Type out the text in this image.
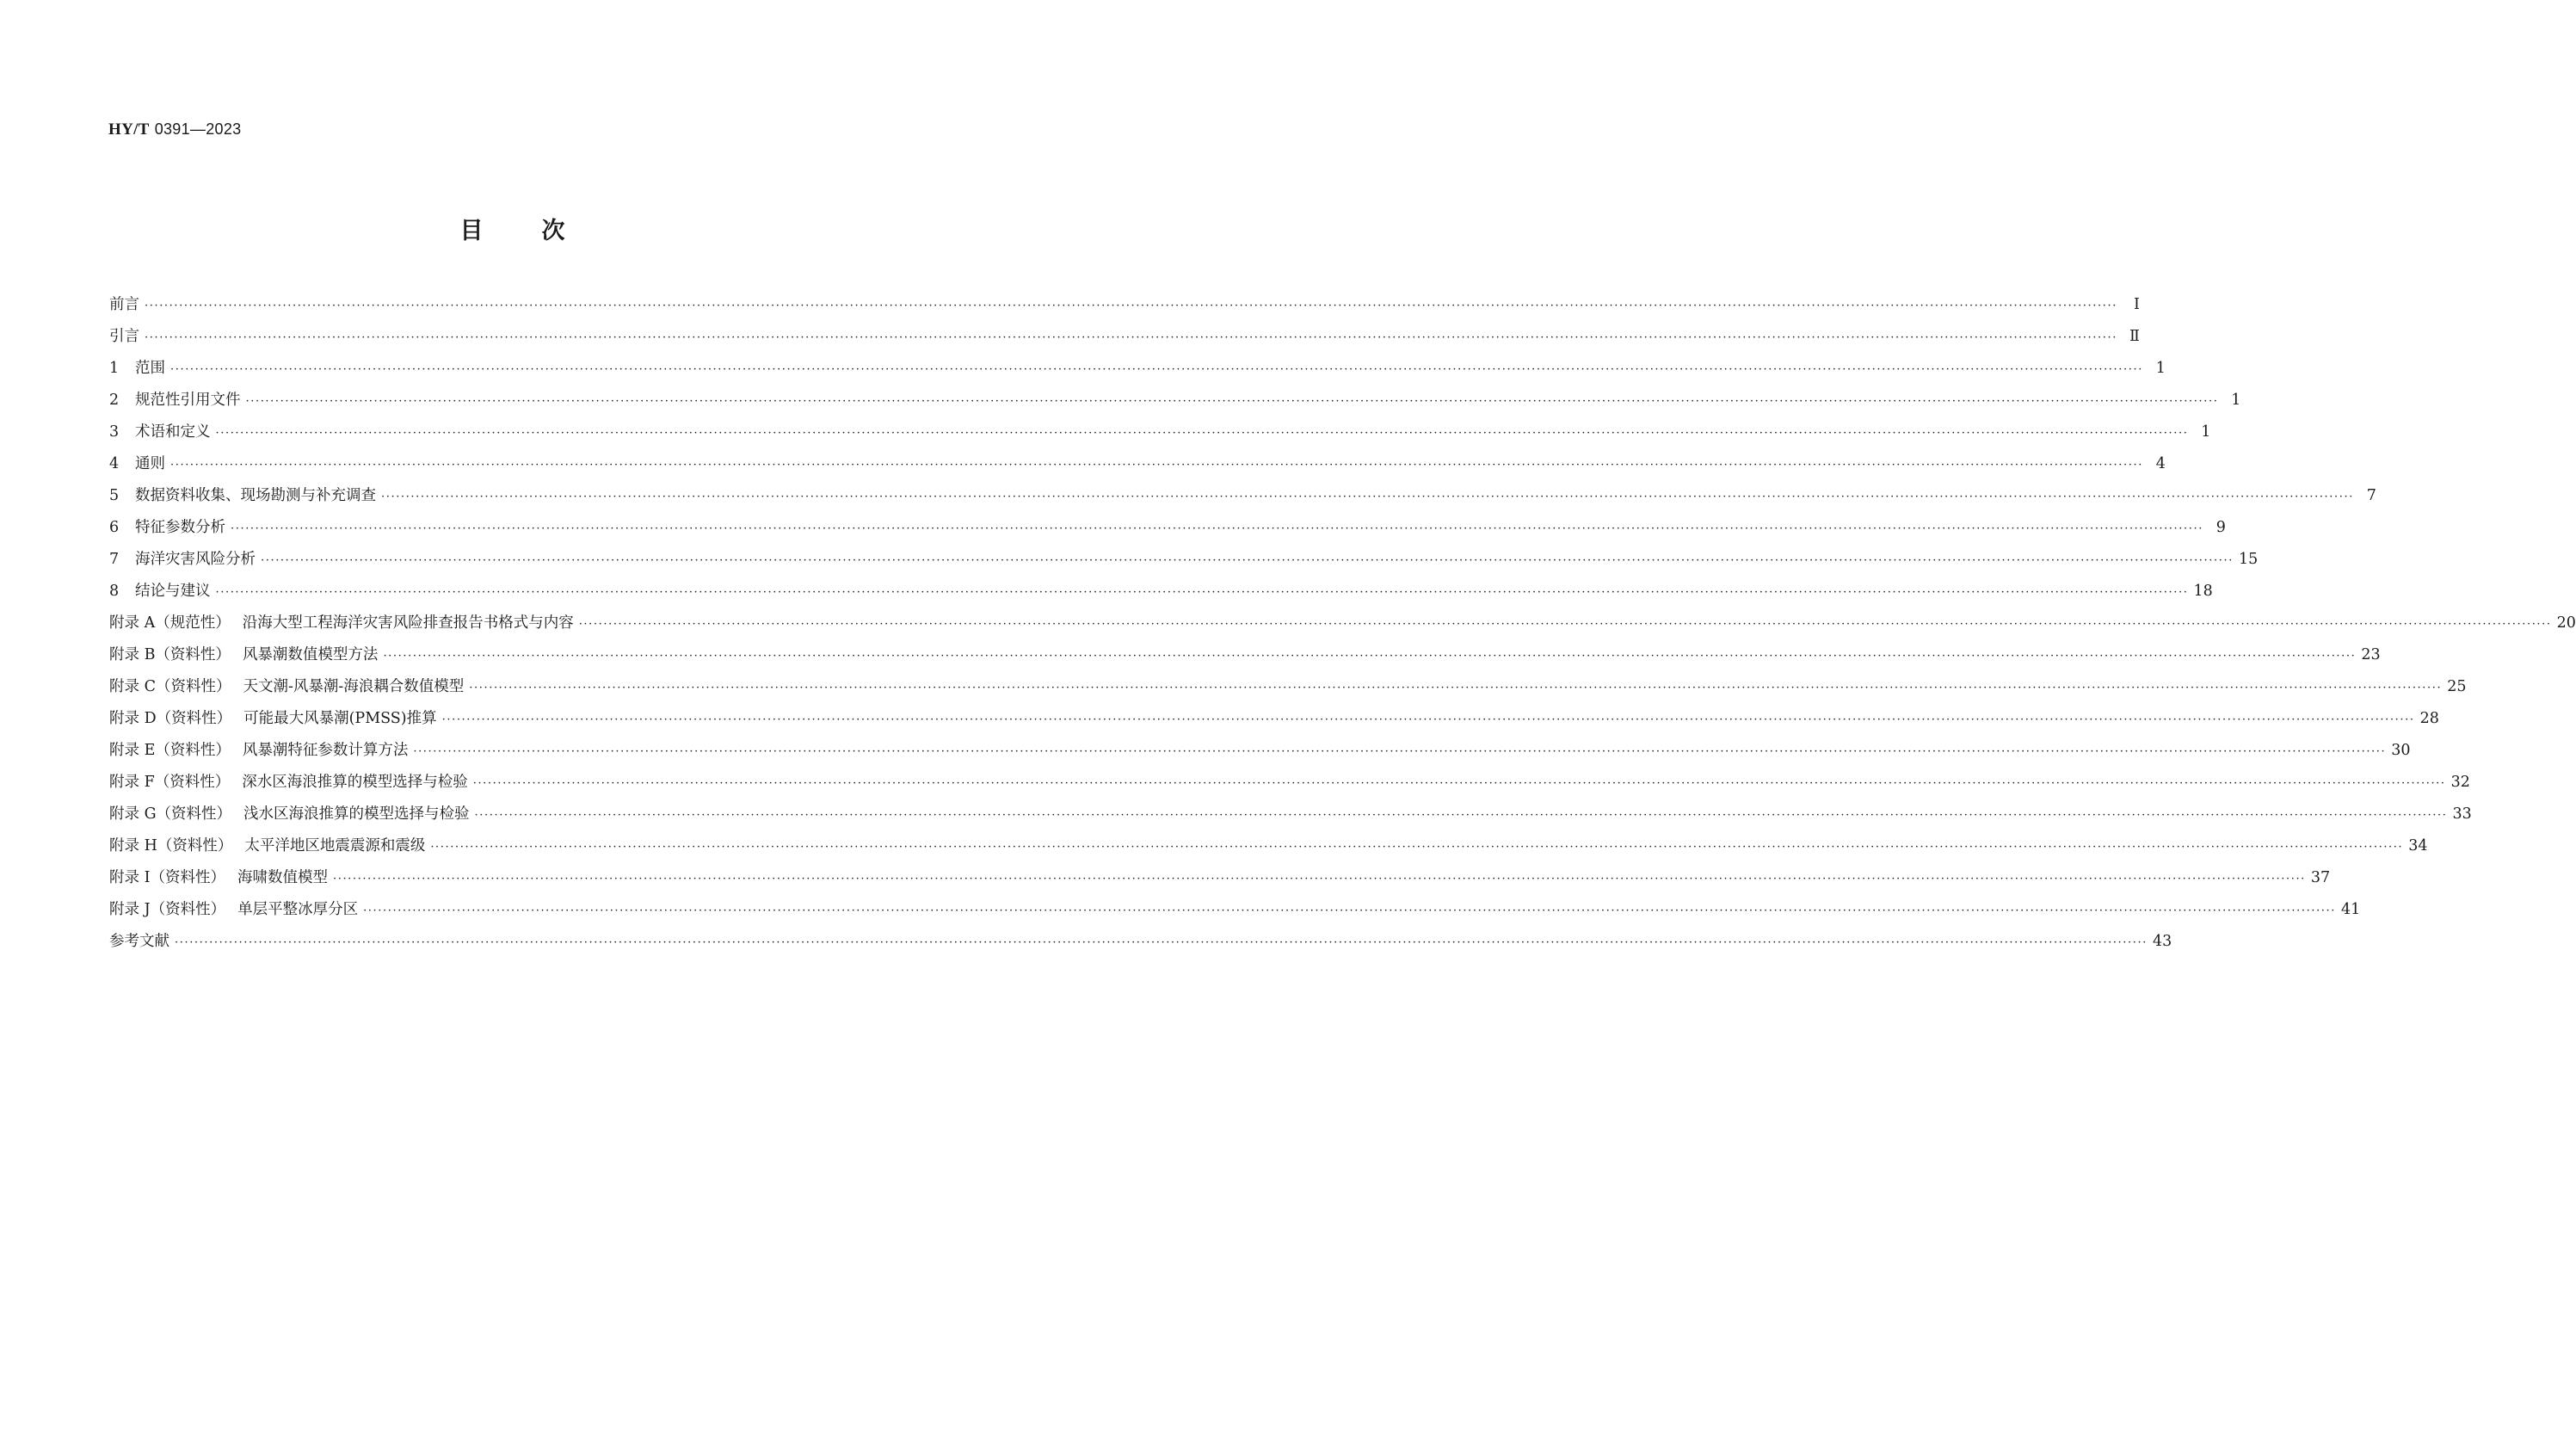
HY/T 0391—2023
目	次
前言 ················································································································································································································································································································································································································	Ⅰ
引言 ················································································································································································································································································································································································································ Ⅱ
1 范围 ················································································································································································································································································································································································································ 1
2 规范性引用文件 ················································································································································································································································································································································································································ 1
3 术语和定义 ················································································································································································································································································································································································································ 1
4 通则 ················································································································································································································································································································································································································ 4
5 数据资料收集、现场勘测与补充调查 ················································································································································································································································································································································································································ 7
6 特征参数分析 ················································································································································································································································································································································································································ 9
7 海洋灾害风险分析 ················································································································································································································································································································································································································ 15
8 结论与建议 ················································································································································································································································································································································································································ 18
附录 A（规范性） 沿海大型工程海洋灾害风险排查报告书格式与内容 ················································································································································································································································································································································································································ 20
附录 B（资料性） 风暴潮数值模型方法 ················································································································································································································································································································································································································ 23
附录 C（资料性） 天文潮-风暴潮-海浪耦合数值模型 ················································································································································································································································································································································································································ 25
附录 D（资料性） 可能最大风暴潮(PMSS)推算 ················································································································································································································································································································································································································ 28
附录 E（资料性） 风暴潮特征参数计算方法 ················································································································································································································································································································································································································ 30
附录 F（资料性） 深水区海浪推算的模型选择与检验 ················································································································································································································································································································································································································ 32
附录 G（资料性） 浅水区海浪推算的模型选择与检验 ················································································································································································································································································································································································································ 33
附录 H（资料性） 太平洋地区地震震源和震级 ················································································································································································································································································································································································································ 34
附录 I（资料性） 海啸数值模型 ················································································································································································································································································································································································································ 37
附录 J（资料性） 单层平整冰厚分区 ················································································································································································································································································································································································································ 41
参考文献 ················································································································································································································································································································································································································ 43
